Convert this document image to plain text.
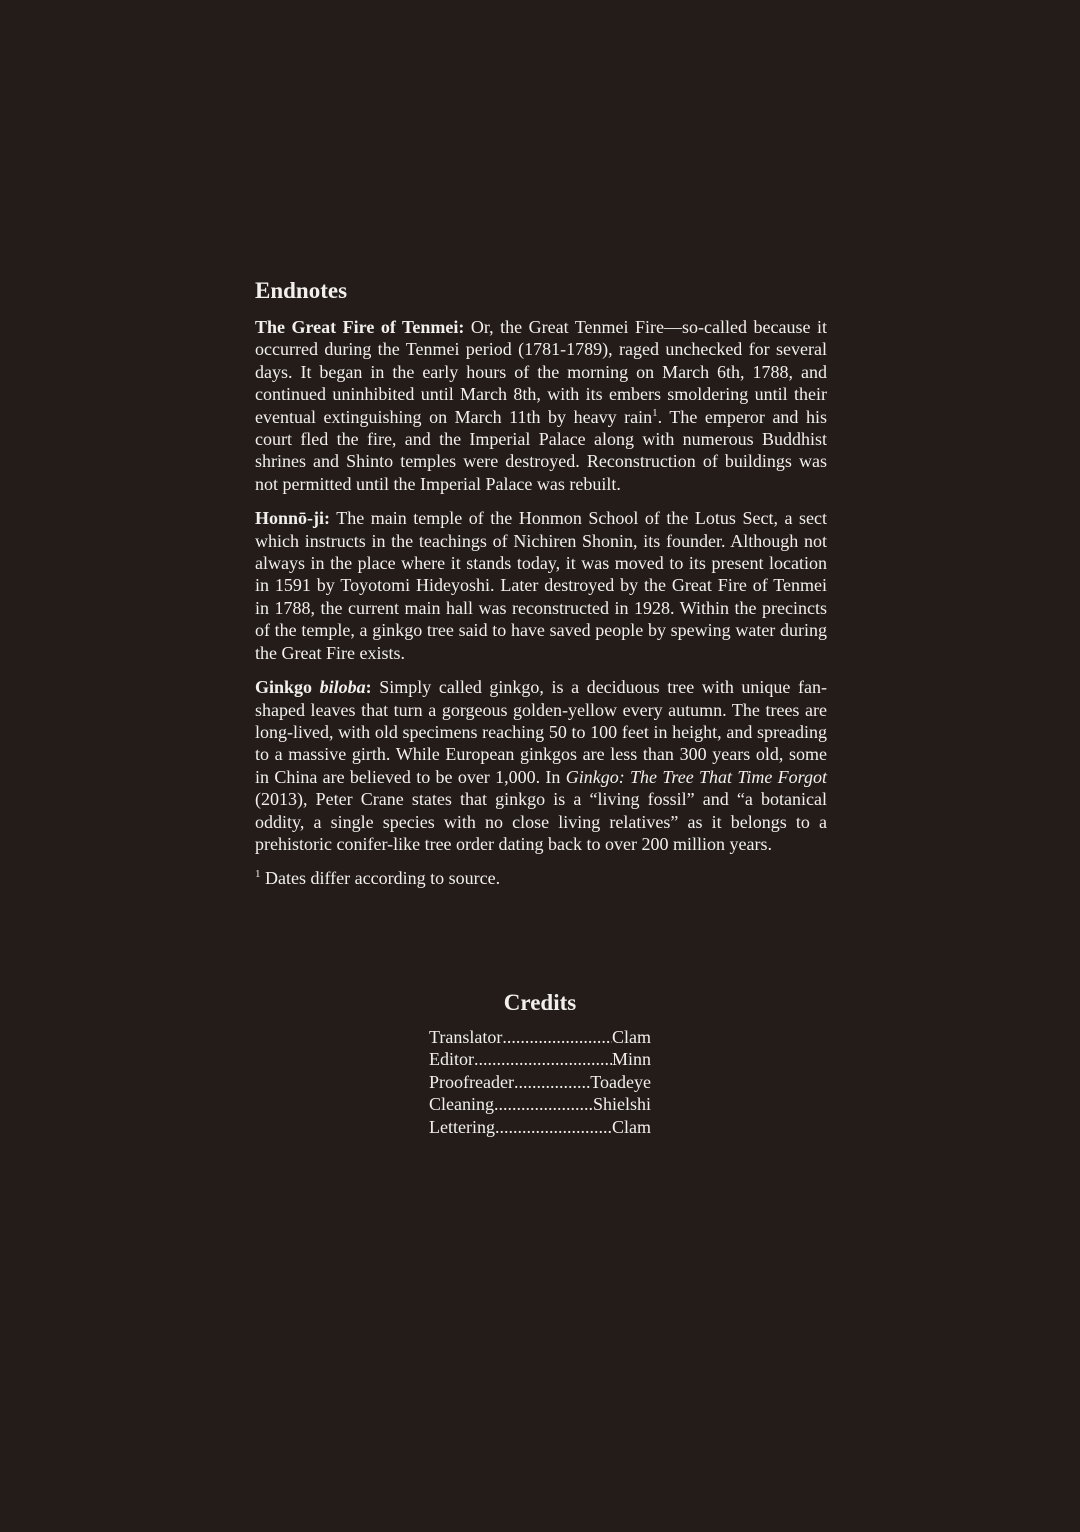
Endnotes

The Great Fire of Tenmei: Or, the Great Tenmei Fire—so-called because it occurred during the Tenmei period (1781-1789), raged unchecked for several days. It began in the early hours of the morning on March 6th, 1788, and continued uninhibited until March 8th, with its embers smoldering until their eventual extinguishing on March 11th by heavy rain$^1$. The emperor and his court fled the fire, and the Imperial Palace along with numerous Buddhist shrines and Shinto temples were destroyed. Reconstruction of buildings was not permitted until the Imperial Palace was rebuilt.

Honnō-ji: The main temple of the Honmon School of the Lotus Sect, a sect which instructs in the teachings of Nichiren Shonin, its founder. Although not always in the place where it stands today, it was moved to its present location in 1591 by Toyotomi Hideyoshi. Later destroyed by the Great Fire of Tenmei in 1788, the current main hall was reconstructed in 1928. Within the precincts of the temple, a ginkgo tree said to have saved people by spewing water during the Great Fire exists.

Ginkgo biloba: Simply called ginkgo, is a deciduous tree with unique fan-shaped leaves that turn a gorgeous golden-yellow every autumn. The trees are long-lived, with old specimens reaching 50 to 100 feet in height, and spreading to a massive girth. While European ginkgos are less than 300 years old, some in China are believed to be over 1,000. In Ginkgo: The Tree That Time Forgot (2013), Peter Crane states that ginkgo is a “living fossil” and “a botanical oddity, a single species with no close living relatives” as it belongs to a prehistoric conifer-like tree order dating back to over 200 million years.

$^1$ Dates differ according to source.

Credits
Translator .....	Clam
Editor .....	Minn
Proofreader .....	Toadeye
Cleaning .....	Shielshi
Lettering .....	Clam
